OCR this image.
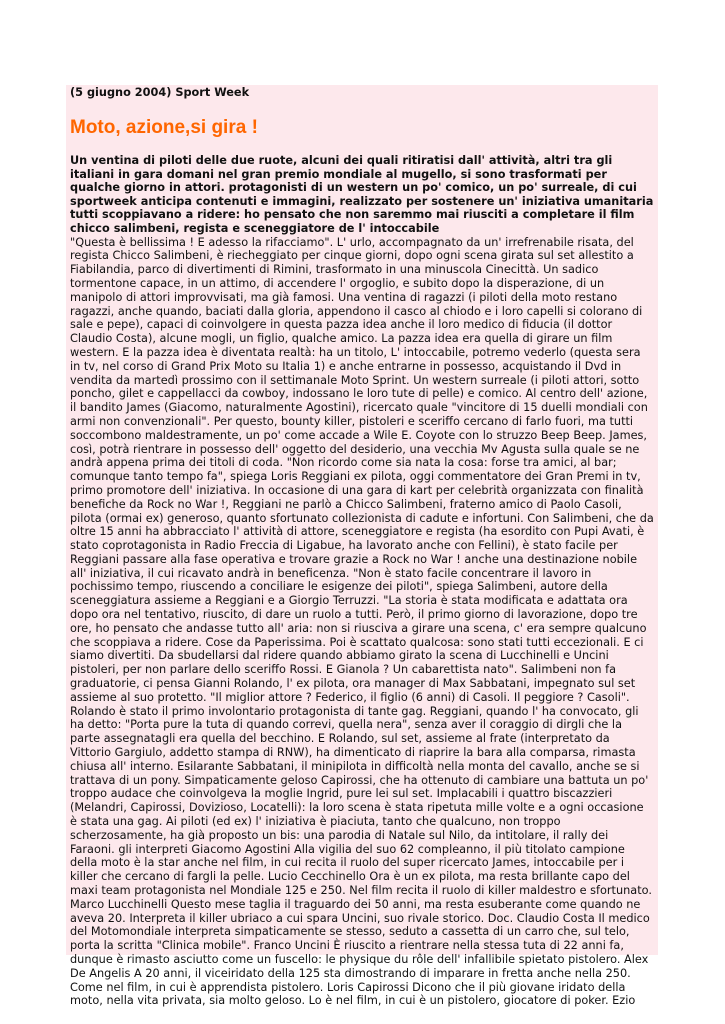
(5 giugno 2004) Sport Week

Moto, azione,si gira !

Un ventina di piloti delle due ruote, alcuni dei quali ritiratisi dall' attività, altri tra gli italiani in gara domani nel gran premio mondiale al mugello, si sono trasformati per qualche giorno in attori. protagonisti di un western un po' comico, un po' surreale, di cui sportweek anticipa contenuti e immagini, realizzato per sostenere un' iniziativa umanitaria tutti scoppiavano a ridere: ho pensato che non saremmo mai riusciti a completare il film chicco salimbeni, regista e sceneggiatore de l' intoccabile

"Questa è bellissima ! E adesso la rifacciamo". L' urlo, accompagnato da un' irrefrenabile risata, del regista Chicco Salimbeni, è riecheggiato per cinque giorni, dopo ogni scena girata sul set allestito a Fiabilandia, parco di divertimenti di Rimini, trasformato in una minuscola Cinecittà. Un sadico tormentone capace, in un attimo, di accendere l' orgoglio, e subito dopo la disperazione, di un manipolo di attori improvvisati, ma già famosi. Una ventina di ragazzi (i piloti della moto restano ragazzi, anche quando, baciati dalla gloria, appendono il casco al chiodo e i loro capelli si colorano di sale e pepe), capaci di coinvolgere in questa pazza idea anche il loro medico di fiducia (il dottor Claudio Costa), alcune mogli, un figlio, qualche amico. La pazza idea era quella di girare un film western. E la pazza idea è diventata realtà: ha un titolo, L' intoccabile, potremo vederlo (questa sera in tv, nel corso di Grand Prix Moto su Italia 1) e anche entrarne in possesso, acquistando il Dvd in vendita da martedì prossimo con il settimanale Moto Sprint. Un western surreale (i piloti attori, sotto poncho, gilet e cappellacci da cowboy, indossano le loro tute di pelle) e comico. Al centro dell' azione, il bandito James (Giacomo, naturalmente Agostini), ricercato quale "vincitore di 15 duelli mondiali con armi non convenzionali". Per questo, bounty killer, pistoleri e sceriffo cercano di farlo fuori, ma tutti soccombono maldestramente, un po' come accade a Wile E. Coyote con lo struzzo Beep Beep. James, così, potrà rientrare in possesso dell' oggetto del desiderio, una vecchia Mv Agusta sulla quale se ne andrà appena prima dei titoli di coda. "Non ricordo come sia nata la cosa: forse tra amici, al bar; comunque tanto tempo fa", spiega Loris Reggiani ex pilota, oggi commentatore dei Gran Premi in tv, primo promotore dell' iniziativa. In occasione di una gara di kart per celebrità organizzata con finalità benefiche da Rock no War !, Reggiani ne parlò a Chicco Salimbeni, fraterno amico di Paolo Casoli, pilota (ormai ex) generoso, quanto sfortunato collezionista di cadute e infortuni. Con Salimbeni, che da oltre 15 anni ha abbracciato l' attività di attore, sceneggiatore e regista (ha esordito con Pupi Avati, è stato coprotagonista in Radio Freccia di Ligabue, ha lavorato anche con Fellini), è stato facile per Reggiani passare alla fase operativa e trovare grazie a Rock no War ! anche una destinazione nobile all' iniziativa, il cui ricavato andrà in beneficenza. "Non è stato facile concentrare il lavoro in pochissimo tempo, riuscendo a conciliare le esigenze dei piloti", spiega Salimbeni, autore della sceneggiatura assieme a Reggiani e a Giorgio Terruzzi. "La storia è stata modificata e adattata ora dopo ora nel tentativo, riuscito, di dare un ruolo a tutti. Però, il primo giorno di lavorazione, dopo tre ore, ho pensato che andasse tutto all' aria: non si riusciva a girare una scena, c' era sempre qualcuno che scoppiava a ridere. Cose da Paperissima. Poi è scattato qualcosa: sono stati tutti eccezionali. E ci siamo divertiti. Da sbudellarsi dal ridere quando abbiamo girato la scena di Lucchinelli e Uncini pistoleri, per non parlare dello sceriffo Rossi. E Gianola ? Un cabarettista nato". Salimbeni non fa graduatorie, ci pensa Gianni Rolando, l' ex pilota, ora manager di Max Sabbatani, impegnato sul set assieme al suo protetto. "Il miglior attore ? Federico, il figlio (6 anni) di Casoli. Il peggiore ? Casoli". Rolando è stato il primo involontario protagonista di tante gag. Reggiani, quando l' ha convocato, gli ha detto: "Porta pure la tuta di quando correvi, quella nera", senza aver il coraggio di dirgli che la parte assegnatagli era quella del becchino. E Rolando, sul set, assieme al frate (interpretato da Vittorio Gargiulo, addetto stampa di RNW), ha dimenticato di riaprire la bara alla comparsa, rimasta chiusa all' interno. Esilarante Sabbatani, il minipilota in difficoltà nella monta del cavallo, anche se si trattava di un pony. Simpaticamente geloso Capirossi, che ha ottenuto di cambiare una battuta un po' troppo audace che coinvolgeva la moglie Ingrid, pure lei sul set. Implacabili i quattro biscazzieri (Melandri, Capirossi, Dovizioso, Locatelli): la loro scena è stata ripetuta mille volte e a ogni occasione è stata una gag. Ai piloti (ed ex) l' iniziativa è piaciuta, tanto che qualcuno, non troppo scherzosamente, ha già proposto un bis: una parodia di Natale sul Nilo, da intitolare, il rally dei Faraoni. gli interpreti Giacomo Agostini Alla vigilia del suo 62 compleanno, il più titolato campione della moto è la star anche nel film, in cui recita il ruolo del super ricercato James, intoccabile per i killer che cercano di fargli la pelle. Lucio Cecchinello Ora è un ex pilota, ma resta brillante capo del maxi team protagonista nel Mondiale 125 e 250. Nel film recita il ruolo di killer maldestro e sfortunato. Marco Lucchinelli Questo mese taglia il traguardo dei 50 anni, ma resta esuberante come quando ne aveva 20. Interpreta il killer ubriaco a cui spara Uncini, suo rivale storico. Doc. Claudio Costa Il medico del Motomondiale interpreta simpaticamente se stesso, seduto a cassetta di un carro che, sul telo, porta la scritta "Clinica mobile". Franco Uncini È riuscito a rientrare nella stessa tuta di 22 anni fa, dunque è rimasto asciutto come un fuscello: le physique du rôle dell' infallibile spietato pistolero. Alex De Angelis A 20 anni, il viceiridato della 125 sta dimostrando di imparare in fretta anche nella 250. Come nel film, in cui è apprendista pistolero. Loris Capirossi Dicono che il più giovane iridato della moto, nella vita privata, sia molto geloso. Lo è nel film, in cui è un pistolero, giocatore di poker. Ezio
